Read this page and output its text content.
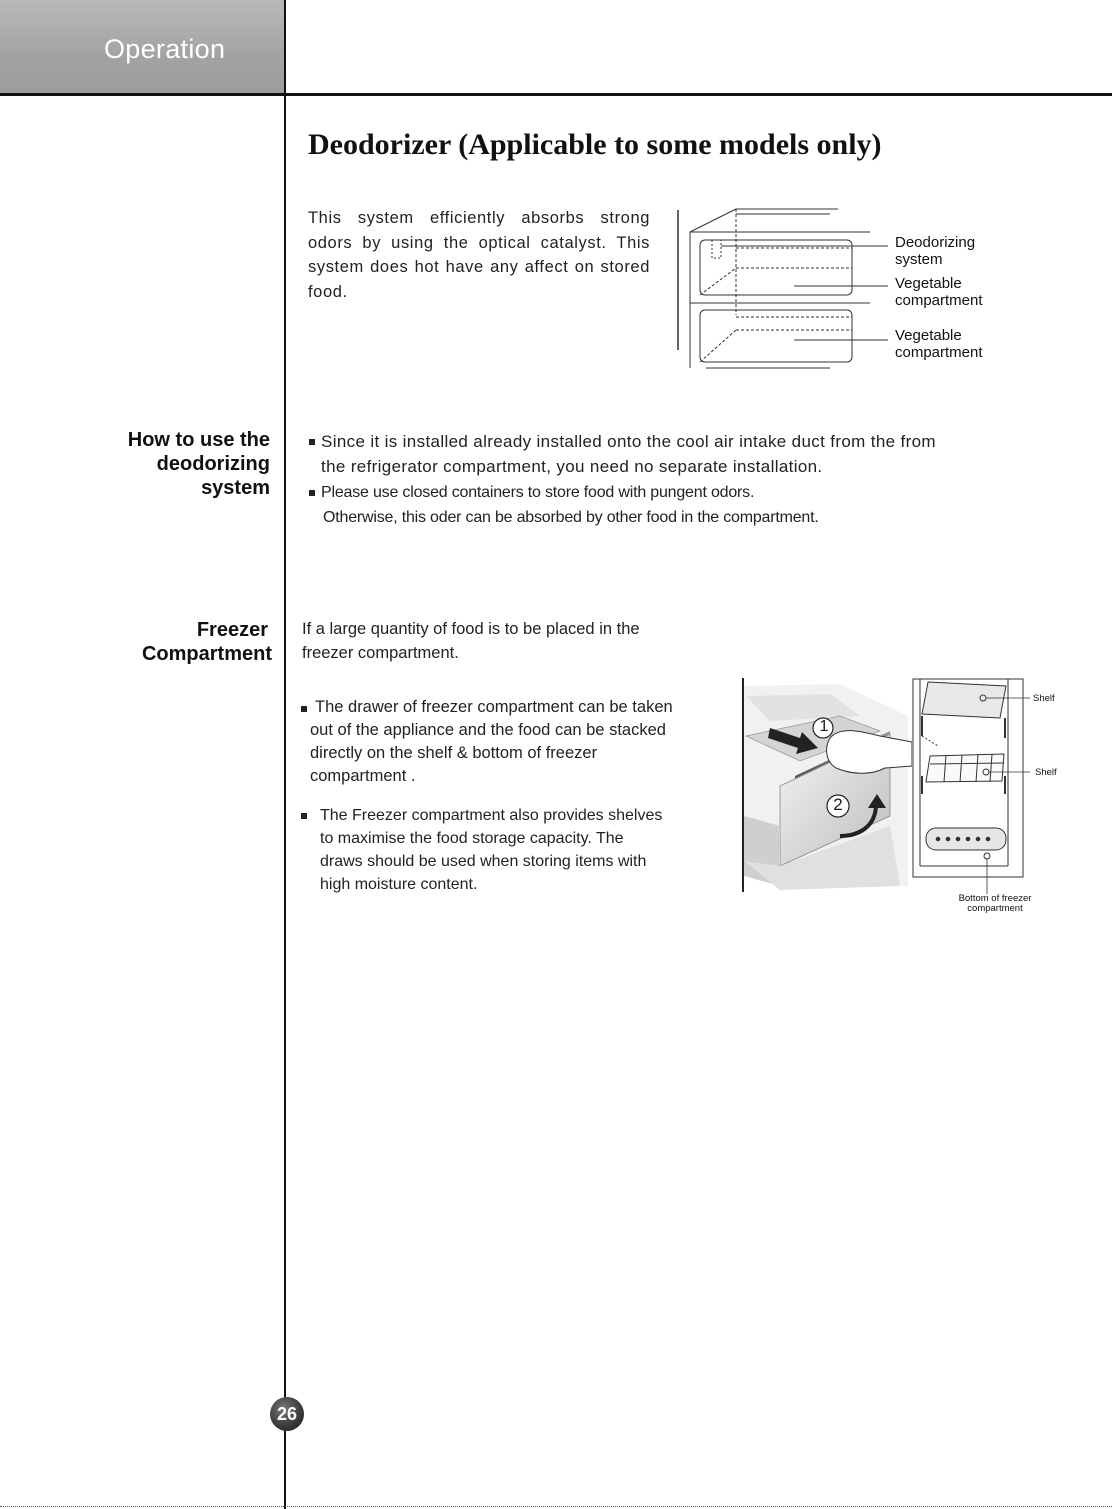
Operation
Deodorizer (Applicable to some models only)
This system efficiently absorbs strong odors by using the optical catalyst. This system does hot have any affect on stored food.
Deodorizing
system
Vegetable
compartment
Vegetable
compartment
How to use the
deodorizing
system
Since it is installed already installed onto the cool air intake duct from the from
the refrigerator compartment, you need no separate installation.
Please use closed containers to store food with pungent odors.
Otherwise, this oder can be absorbed by other food in the compartment.
Freezer
Compartment
If a large quantity of food is to be placed in the
freezer compartment.
The drawer of freezer compartment can be taken
out of the appliance and the food can be stacked
directly on the shelf & bottom of freezer
compartment .
The Freezer compartment also provides shelves
to maximise the food storage capacity. The
draws should be used when storing items with
high moisture content.
1
2
Shelf
Shelf
Bottom of freezer
compartment
26
